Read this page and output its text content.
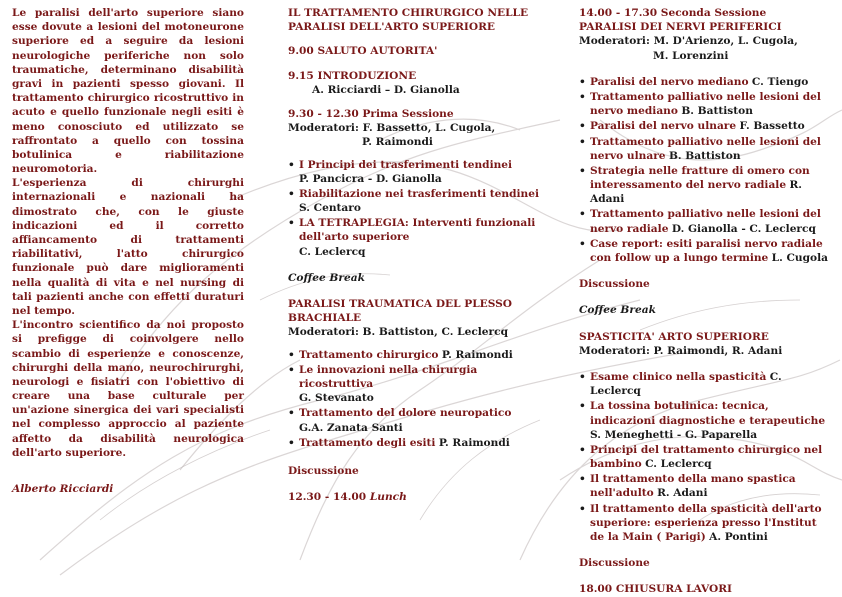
Le paralisi dell'arto superiore siano esse dovute a lesioni del motoneurone superiore ed a seguire da lesioni neurologiche periferiche non solo traumatiche, determinano disabilità gravi in pazienti spesso giovani. Il trattamento chirurgico ricostruttivo in acuto e quello funzionale negli esiti è meno conosciuto ed utilizzato se raffrontato a quello con tossina botulinica e riabilitazione neuromotoria.

L'esperienza di chirurghi internazionali e nazionali ha dimostrato che, con le giuste indicazioni ed il corretto affiancamento di trattamenti riabilitativi, l'atto chirurgico funzionale può dare miglioramenti nella qualità di vita e nel nursing di tali pazienti anche con effetti duraturi nel tempo.

L'incontro scientifico da noi proposto si prefigge di coinvolgere nello scambio di esperienze e conoscenze, chirurghi della mano, neurochirurghi, neurologi e fisiatri con l'obiettivo di creare una base culturale per un'azione sinergica dei vari specialisti nel complesso approccio al paziente affetto da disabilità neurologica dell'arto superiore.

Alberto Ricciardi

IL TRATTAMENTO CHIRURGICO NELLE PARALISI DELL'ARTO SUPERIORE

9.00 SALUTO AUTORITA'
9.15 INTRODUZIONE
A. Ricciardi – D. Gianolla
9.30 - 12.30 Prima Sessione
Moderatori: F. Bassetto, L. Cugola,
P. Raimondi
• I Principi dei trasferimenti tendinei
P. Pancicra - D. Gianolla
• Riabilitazione nei trasferimenti tendinei
S. Centaro
• LA TETRAPLEGIA: Interventi funzionali dell'arto superiore
C. Leclercq
Coffee Break
PARALISI TRAUMATICA DEL PLESSO BRACHIALE
Moderatori: B. Battiston, C. Leclercq
• Trattamento chirurgico P. Raimondi
• Le innovazioni nella chirurgia ricostruttiva
G. Stevanato
• Trattamento del dolore neuropatico
G.A. Zanata Santi
• Trattamento degli esiti P. Raimondi
Discussione
12.30 - 14.00 Lunch
14.00 - 17.30 Seconda Sessione
PARALISI DEI NERVI PERIFERICI
Moderatori: M. D'Arienzo, L. Cugola,
M. Lorenzini
• Paralisi del nervo mediano C. Tiengo
• Trattamento palliativo nelle lesioni del nervo mediano B. Battiston
• Paralisi del nervo ulnare F. Bassetto
• Trattamento palliativo nelle lesioni del nervo ulnare B. Battiston
• Strategia nelle fratture di omero con interessamento del nervo radiale R. Adani
• Trattamento palliativo nelle lesioni del nervo radiale D. Gianolla - C. Leclercq
• Case report: esiti paralisi nervo radiale con follow up a lungo termine L. Cugola
Discussione
Coffee Break
SPASTICITA' ARTO SUPERIORE
Moderatori: P. Raimondi, R. Adani
• Esame clinico nella spasticità C. Leclercq
• La tossina botulinica: tecnica, indicazioni diagnostiche e terapeutiche
S. Meneghetti - G. Paparella
• Principi del trattamento chirurgico nel bambino C. Leclercq
• Il trattamento della mano spastica nell'adulto R. Adani
• Il trattamento della spasticità dell'arto superiore: esperienza presso l'Institut de la Main ( Parigi) A. Pontini
Discussione
18.00 CHIUSURA LAVORI
